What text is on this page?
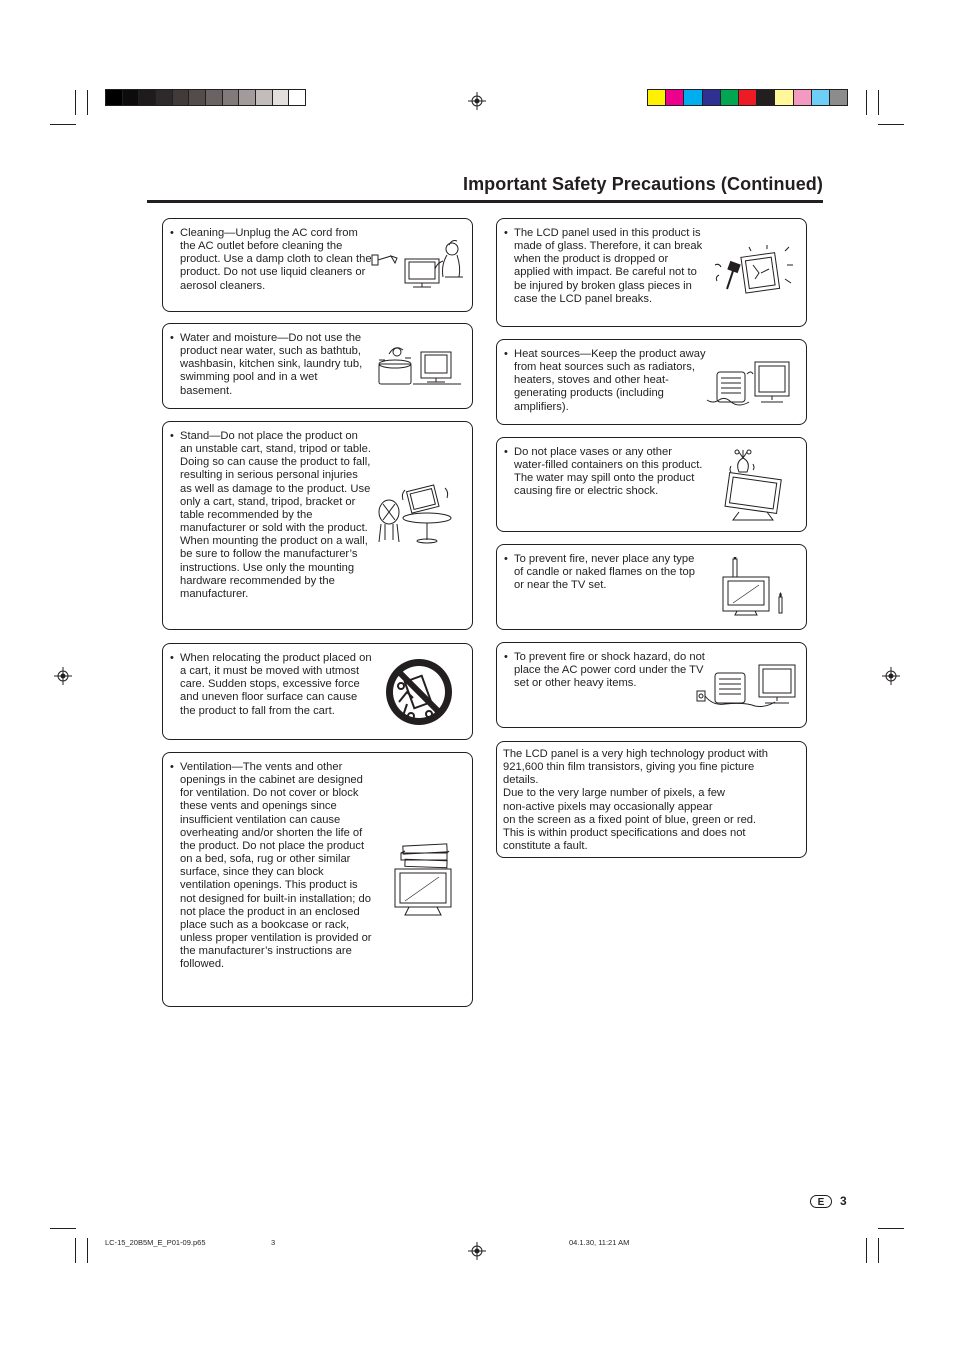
Important Safety Precautions (Continued)
• Cleaning—Unplug the AC cord from the AC outlet before cleaning the product. Use a damp cloth to clean the product. Do not use liquid cleaners or aerosol cleaners.
• Water and moisture—Do not use the product near water, such as bathtub, washbasin, kitchen sink, laundry tub, swimming pool and in a wet basement.
• Stand—Do not place the product on an unstable cart, stand, tripod or table. Doing so can cause the product to fall, resulting in serious personal injuries as well as damage to the product. Use only a cart, stand, tripod, bracket or table recommended by the manufacturer or sold with the product. When mounting the product on a wall, be sure to follow the manufacturer’s instructions. Use only the mounting hardware recommended by the manufacturer.
• When relocating the product placed on a cart, it must be moved with utmost care. Sudden stops, excessive force and uneven floor surface can cause the product to fall from the cart.
• Ventilation—The vents and other openings in the cabinet are designed for ventilation. Do not cover or block these vents and openings since insufficient ventilation can cause overheating and/or shorten the life of the product. Do not place the product on a bed, sofa, rug or other similar surface, since they can block ventilation openings. This product is not designed for built-in installation; do not place the product in an enclosed place such as a bookcase or rack, unless proper ventilation is provided or the manufacturer’s instructions are followed.
• The LCD panel used in this product is made of glass. Therefore, it can break when the product is dropped or applied with impact. Be careful not to be injured by broken glass pieces in case the LCD panel breaks.
• Heat sources—Keep the product away from heat sources such as radiators, heaters, stoves and other heat-generating products (including amplifiers).
• Do not place vases or any other water-filled containers on this product. The water may spill onto the product causing fire or electric shock.
• To prevent fire, never place any type of candle or naked flames on the top or near the TV set.
• To prevent fire or shock hazard, do not place the AC power cord under the TV set or other heavy items.
The LCD panel is a very high technology product with
921,600 thin film transistors, giving you fine picture
details.
Due to the very large number of pixels, a few
non-active pixels may occasionally appear
on the screen as a fixed point of blue, green or red.
This is within product specifications and does not
constitute a fault.
E	3
LC-15_20B5M_E_P01-09.p65	3	04.1.30, 11:21 AM
